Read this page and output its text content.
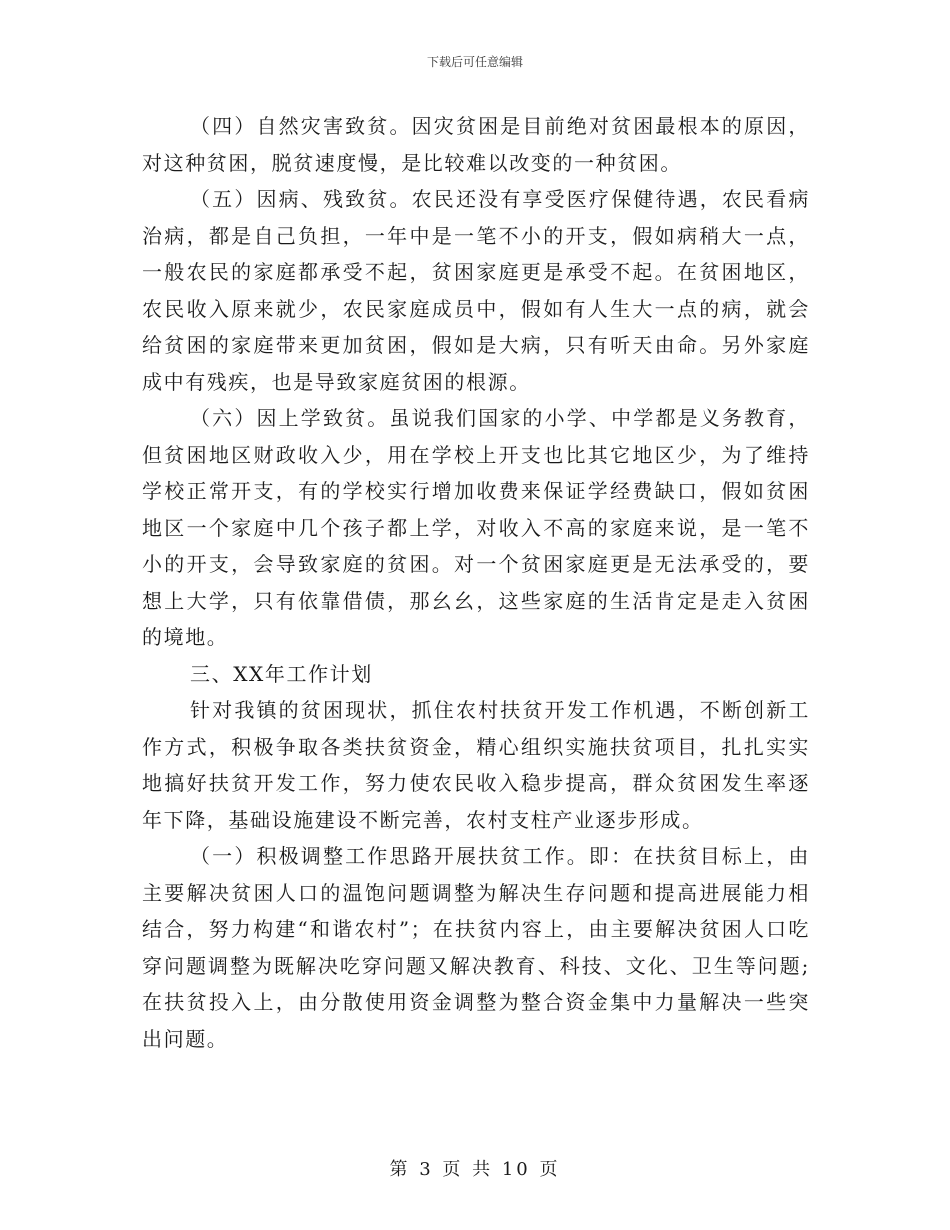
下载后可任意编辑

（四）自然灾害致贫。因灾贫困是目前绝对贫困最根本的原因，对这种贫困，脱贫速度慢，是比较难以改变的一种贫困。

（五）因病、残致贫。农民还没有享受医疗保健待遇，农民看病治病，都是自己负担，一年中是一笔不小的开支，假如病稍大一点，一般农民的家庭都承受不起，贫困家庭更是承受不起。在贫困地区，农民收入原来就少，农民家庭成员中，假如有人生大一点的病，就会给贫困的家庭带来更加贫困，假如是大病，只有听天由命。另外家庭成中有残疾，也是导致家庭贫困的根源。

（六）因上学致贫。虽说我们国家的小学、中学都是义务教育，但贫困地区财政收入少，用在学校上开支也比其它地区少，为了维持学校正常开支，有的学校实行增加收费来保证学经费缺口，假如贫困地区一个家庭中几个孩子都上学，对收入不高的家庭来说，是一笔不小的开支，会导致家庭的贫困。对一个贫困家庭更是无法承受的，要想上大学，只有依靠借债，那幺幺，这些家庭的生活肯定是走入贫困的境地。

三、XX年工作计划

针对我镇的贫困现状，抓住农村扶贫开发工作机遇，不断创新工作方式，积极争取各类扶贫资金，精心组织实施扶贫项目，扎扎实实地搞好扶贫开发工作，努力使农民收入稳步提高，群众贫困发生率逐年下降，基础设施建设不断完善，农村支柱产业逐步形成。

（一）积极调整工作思路开展扶贫工作。即：在扶贫目标上，由主要解决贫困人口的温饱问题调整为解决生存问题和提高进展能力相结合，努力构建“和谐农村”；在扶贫内容上，由主要解决贫困人口吃穿问题调整为既解决吃穿问题又解决教育、科技、文化、卫生等问题;在扶贫投入上，由分散使用资金调整为整合资金集中力量解决一些突出问题。

第 3 页 共 10 页
